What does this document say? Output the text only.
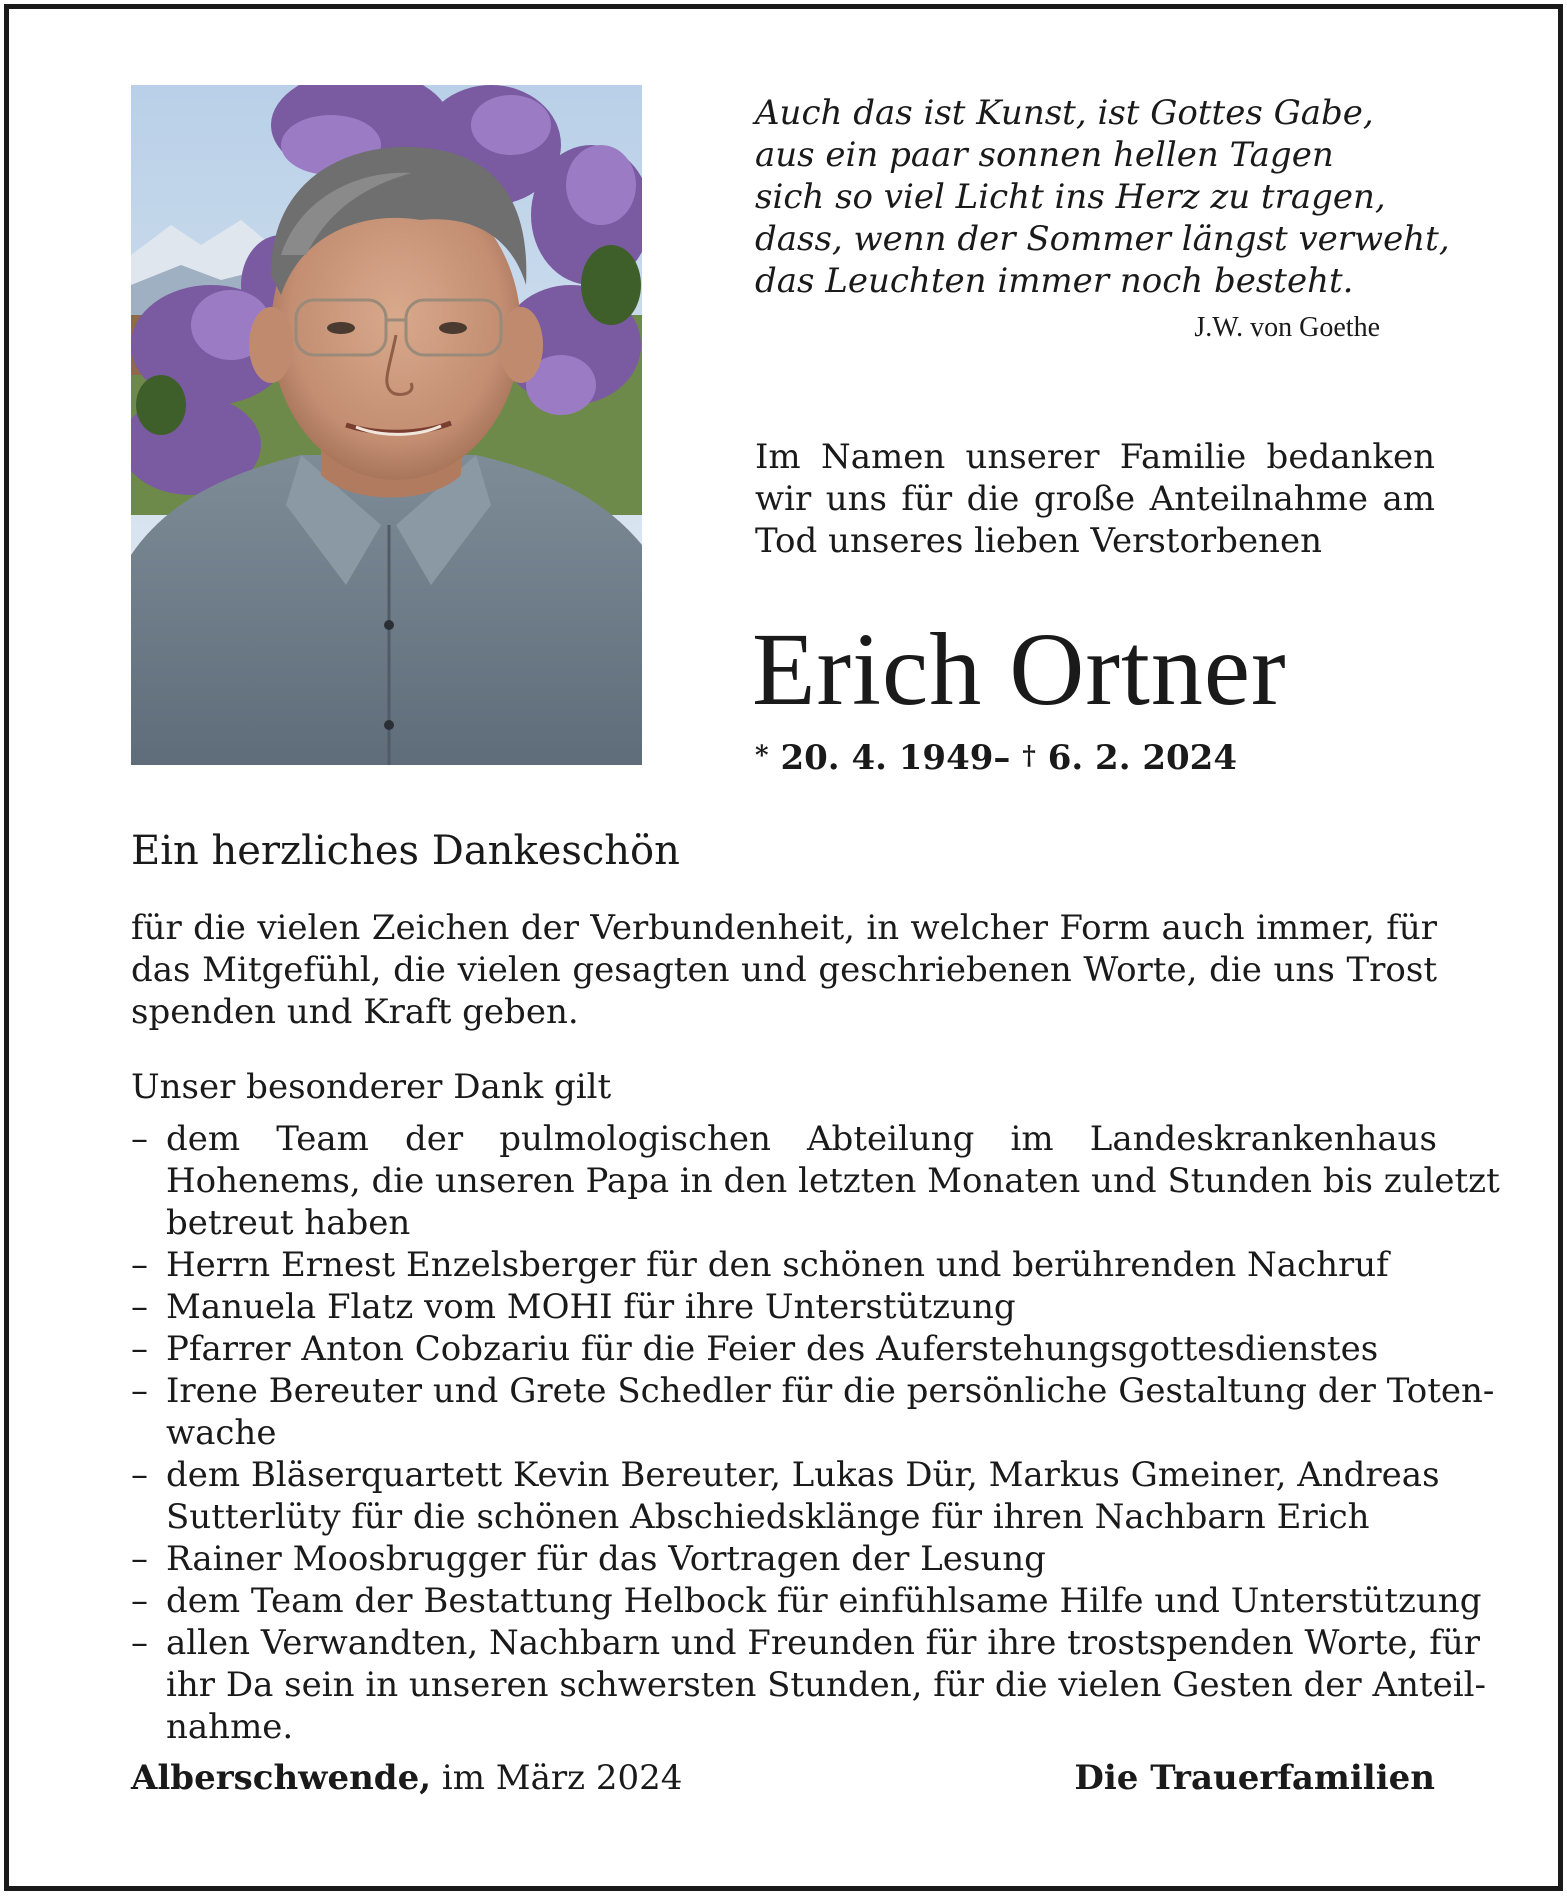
Auch das ist Kunst, ist Gottes Gabe,
aus ein paar sonnen hellen Tagen
sich so viel Licht ins Herz zu tragen,
dass, wenn der Sommer längst verweht,
das Leuchten immer noch besteht.
J.W. von Goethe
Im Namen unserer Familie bedanken
wir uns für die große Anteilnahme am
Tod unseres lieben Verstorbenen
Erich Ortner
* 20. 4. 1949– † 6. 2. 2024
Ein herzliches Dankeschön
für die vielen Zeichen der Verbundenheit, in welcher Form auch immer, für
das Mitgefühl, die vielen gesagten und geschriebenen Worte, die uns Trost
spenden und Kraft geben.
Unser besonderer Dank gilt
– dem Team der pulmologischen Abteilung im Landeskrankenhaus
Hohenems, die unseren Papa in den letzten Monaten und Stunden bis zuletzt
betreut haben
– Herrn Ernest Enzelsberger für den schönen und berührenden Nachruf
– Manuela Flatz vom MOHI für ihre Unterstützung
– Pfarrer Anton Cobzariu für die Feier des Auferstehungsgottesdienstes
– Irene Bereuter und Grete Schedler für die persönliche Gestaltung der Toten-
wache
– dem Bläserquartett Kevin Bereuter, Lukas Dür, Markus Gmeiner, Andreas
Sutterlüty für die schönen Abschiedsklänge für ihren Nachbarn Erich
– Rainer Moosbrugger für das Vortragen der Lesung
– dem Team der Bestattung Helbock für einfühlsame Hilfe und Unterstützung
– allen Verwandten, Nachbarn und Freunden für ihre trostspenden Worte, für
ihr Da sein in unseren schwersten Stunden, für die vielen Gesten der Anteil-
nahme.
Alberschwende, im März 2024	Die Trauerfamilien
